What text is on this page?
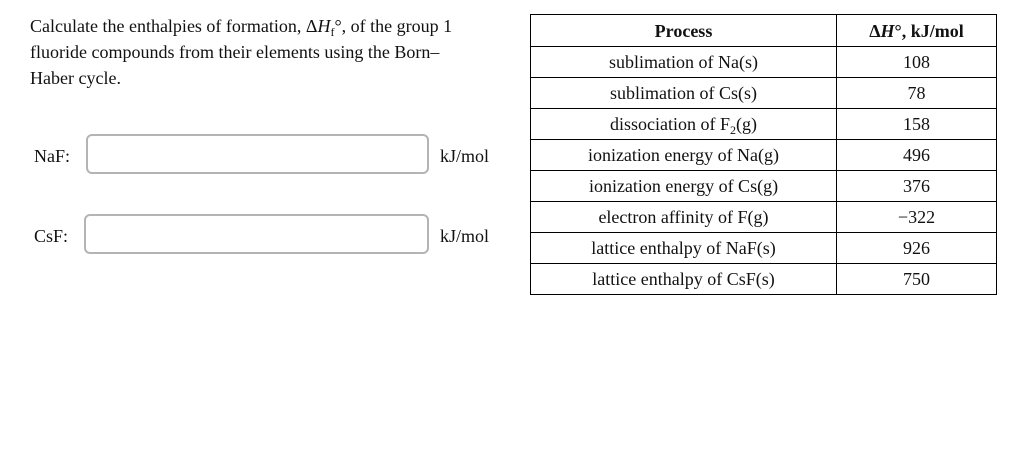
Calculate the enthalpies of formation, $\Delta H_f^\circ$, of the group 1
fluoride compounds from their elements using the Born–
Haber cycle.
NaF:	kJ/mol
CsF:	kJ/mol
Process	ΔH°, kJ/mol
sublimation of Na(s)	108
sublimation of Cs(s)	78
dissociation of $F_2(g)$	158
ionization energy of Na(g)	496
ionization energy of Cs(g)	376
electron affinity of F(g)	−322
lattice enthalpy of NaF(s)	926
lattice enthalpy of CsF(s)	750
